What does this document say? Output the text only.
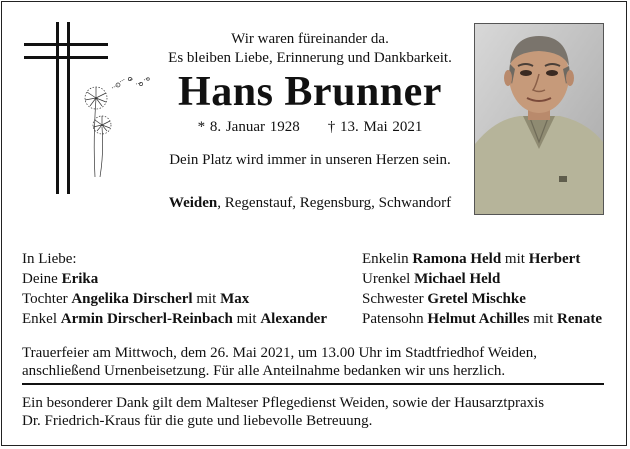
Wir waren füreinander da.
Es bleiben Liebe, Erinnerung und Dankbarkeit.
Hans Brunner
* 8. Januar 1928 † 13. Mai 2021
Dein Platz wird immer in unseren Herzen sein.
Weiden, Regenstauf, Regensburg, Schwandorf
In Liebe:
Deine Erika
Tochter Angelika Dirscherl mit Max
Enkel Armin Dirscherl-Reinbach mit Alexander
Enkelin Ramona Held mit Herbert
Urenkel Michael Held
Schwester Gretel Mischke
Patensohn Helmut Achilles mit Renate
Trauerfeier am Mittwoch, dem 26. Mai 2021, um 13.00 Uhr im Stadtfriedhof Weiden,
anschließend Urnenbeisetzung. Für alle Anteilnahme bedanken wir uns herzlich.
Ein besonderer Dank gilt dem Malteser Pflegedienst Weiden, sowie der Hausarztpraxis
Dr. Friedrich-Kraus für die gute und liebevolle Betreuung.
